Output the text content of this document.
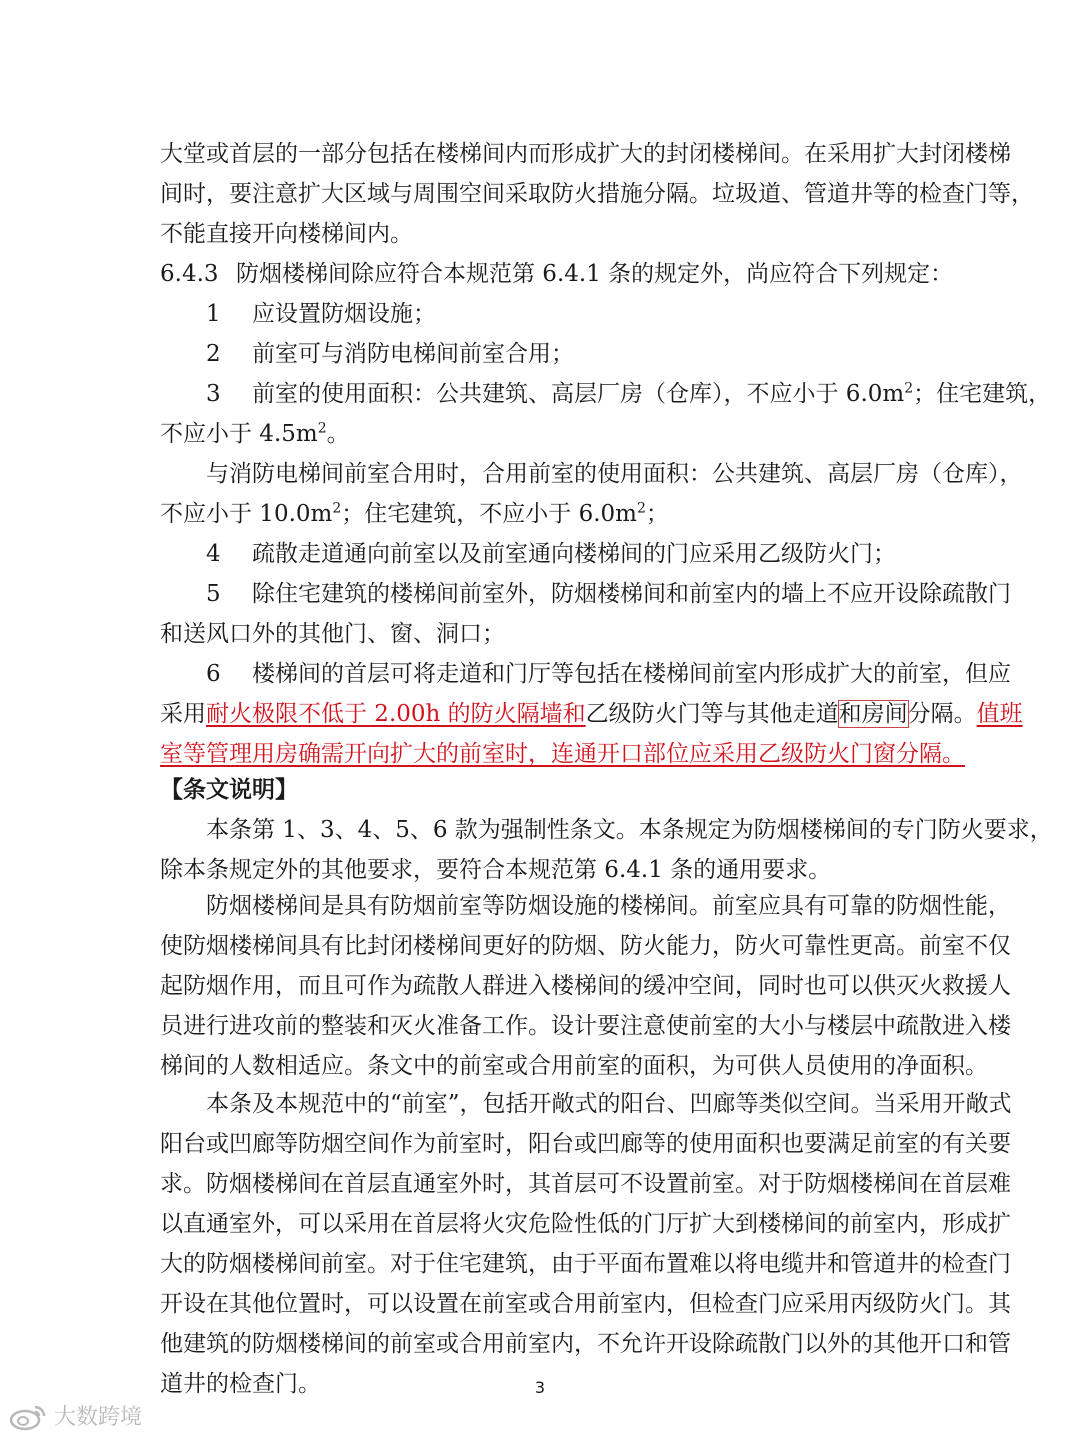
大堂或首层的一部分包括在楼梯间内而形成扩大的封闭楼梯间。在采用扩大封闭楼梯
间时，要注意扩大区域与周围空间采取防火措施分隔。垃圾道、管道井等的检查门等，
不能直接开向楼梯间内。

6.4.3 防烟楼梯间除应符合本规范第 6.4.1 条的规定外，尚应符合下列规定：

1 应设置防烟设施；

2 前室可与消防电梯间前室合用；

3 前室的使用面积：公共建筑、高层厂房（仓库），不应小于 $6.0m^2$；住宅建筑，
不应小于 $4.5m^2$。

与消防电梯间前室合用时，合用前室的使用面积：公共建筑、高层厂房（仓库），
不应小于 $10.0m^2$；住宅建筑，不应小于 $6.0m^2$；

4 疏散走道通向前室以及前室通向楼梯间的门应采用乙级防火门；

5 除住宅建筑的楼梯间前室外，防烟楼梯间和前室内的墙上不应开设除疏散门
和送风口外的其他门、窗、洞口；

6 楼梯间的首层可将走道和门厅等包括在楼梯间前室内形成扩大的前室，但应
采用耐火极限不低于 2.00h 的防火隔墙和乙级防火门等与其他走道和房间分隔。值班
室等管理用房确需开向扩大的前室时，连通开口部位应采用乙级防火门窗分隔。

【条文说明】

本条第 1、3、4、5、6 款为强制性条文。本条规定为防烟楼梯间的专门防火要求，
除本条规定外的其他要求，要符合本规范第 6.4.1 条的通用要求。

防烟楼梯间是具有防烟前室等防烟设施的楼梯间。前室应具有可靠的防烟性能，
使防烟楼梯间具有比封闭楼梯间更好的防烟、防火能力，防火可靠性更高。前室不仅
起防烟作用，而且可作为疏散人群进入楼梯间的缓冲空间，同时也可以供灭火救援人
员进行进攻前的整装和灭火准备工作。设计要注意使前室的大小与楼层中疏散进入楼
梯间的人数相适应。条文中的前室或合用前室的面积，为可供人员使用的净面积。

本条及本规范中的“前室”，包括开敞式的阳台、凹廊等类似空间。当采用开敞式
阳台或凹廊等防烟空间作为前室时，阳台或凹廊等的使用面积也要满足前室的有关要
求。防烟楼梯间在首层直通室外时，其首层可不设置前室。对于防烟楼梯间在首层难
以直通室外，可以采用在首层将火灾危险性低的门厅扩大到楼梯间的前室内，形成扩
大的防烟楼梯间前室。对于住宅建筑，由于平面布置难以将电缆井和管道井的检查门
开设在其他位置时，可以设置在前室或合用前室内，但检查门应采用丙级防火门。其
他建筑的防烟楼梯间的前室或合用前室内，不允许开设除疏散门以外的其他开口和管
道井的检查门。	3
大数跨境
